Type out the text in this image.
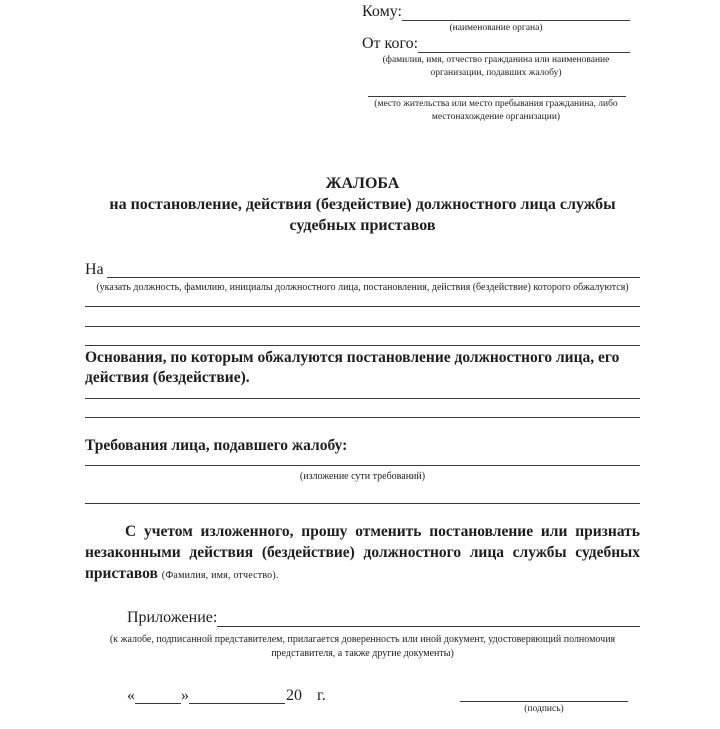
Кому:
(наименование органа)
От кого:
(фамилия, имя, отчество гражданина или наименование
организации, подавших жалобу)
(место жительства или место пребывания гражданина, либо
местонахождение организации)
ЖАЛОБА
на постановление, действия (бездействие) должностного лица службы
судебных приставов
На
(указать должность, фамилию, инициалы должностного лица, постановления, действия (бездействие) которого обжалуются)
Основания, по которым обжалуются постановление должностного лица, его действия (бездействие).
Требования лица, подавшего жалобу:
(изложение сути требований)
С учетом изложенного, прошу отменить постановление или признать незаконными действия (бездействие) должностного лица службы судебных приставов (Фамилия, имя, отчество).
Приложение:
(к жалобе, подписанной представителем, прилагается доверенность или иной документ, удостоверяющий полномочия
представителя, а также другие документы)
«	»	20 г.
(подпись)
